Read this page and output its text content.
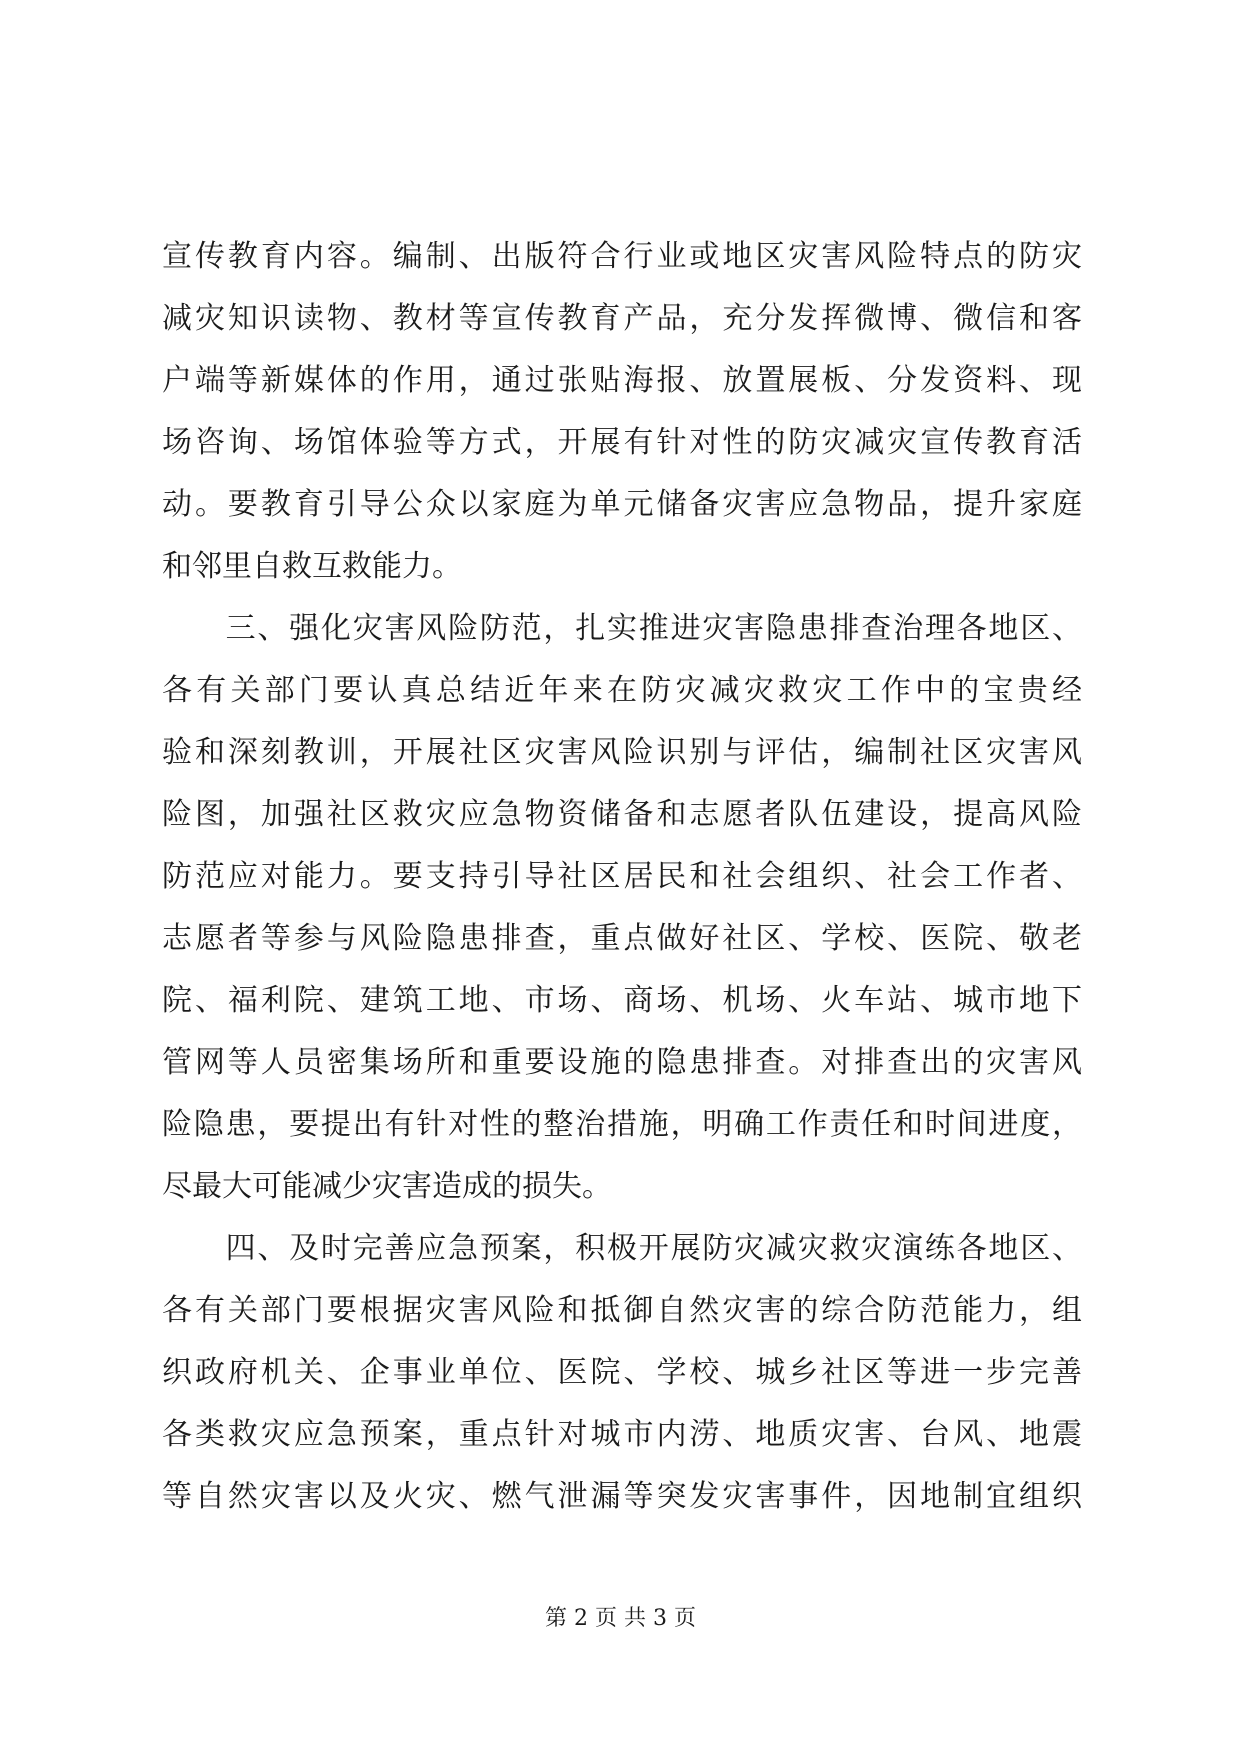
宣传教育内容。编制、出版符合行业或地区灾害风险特点的防灾
减灾知识读物、教材等宣传教育产品，充分发挥微博、微信和客
户端等新媒体的作用，通过张贴海报、放置展板、分发资料、现
场咨询、场馆体验等方式，开展有针对性的防灾减灾宣传教育活
动。要教育引导公众以家庭为单元储备灾害应急物品，提升家庭
和邻里自救互救能力。
　　三、强化灾害风险防范，扎实推进灾害隐患排查治理各地区、
各有关部门要认真总结近年来在防灾减灾救灾工作中的宝贵经
验和深刻教训，开展社区灾害风险识别与评估，编制社区灾害风
险图，加强社区救灾应急物资储备和志愿者队伍建设，提高风险
防范应对能力。要支持引导社区居民和社会组织、社会工作者、
志愿者等参与风险隐患排查，重点做好社区、学校、医院、敬老
院、福利院、建筑工地、市场、商场、机场、火车站、城市地下
管网等人员密集场所和重要设施的隐患排查。对排查出的灾害风
险隐患，要提出有针对性的整治措施，明确工作责任和时间进度，
尽最大可能减少灾害造成的损失。
　　四、及时完善应急预案，积极开展防灾减灾救灾演练各地区、
各有关部门要根据灾害风险和抵御自然灾害的综合防范能力，组
织政府机关、企事业单位、医院、学校、城乡社区等进一步完善
各类救灾应急预案，重点针对城市内涝、地质灾害、台风、地震
等自然灾害以及火灾、燃气泄漏等突发灾害事件，因地制宜组织
第 2 页 共 3 页
